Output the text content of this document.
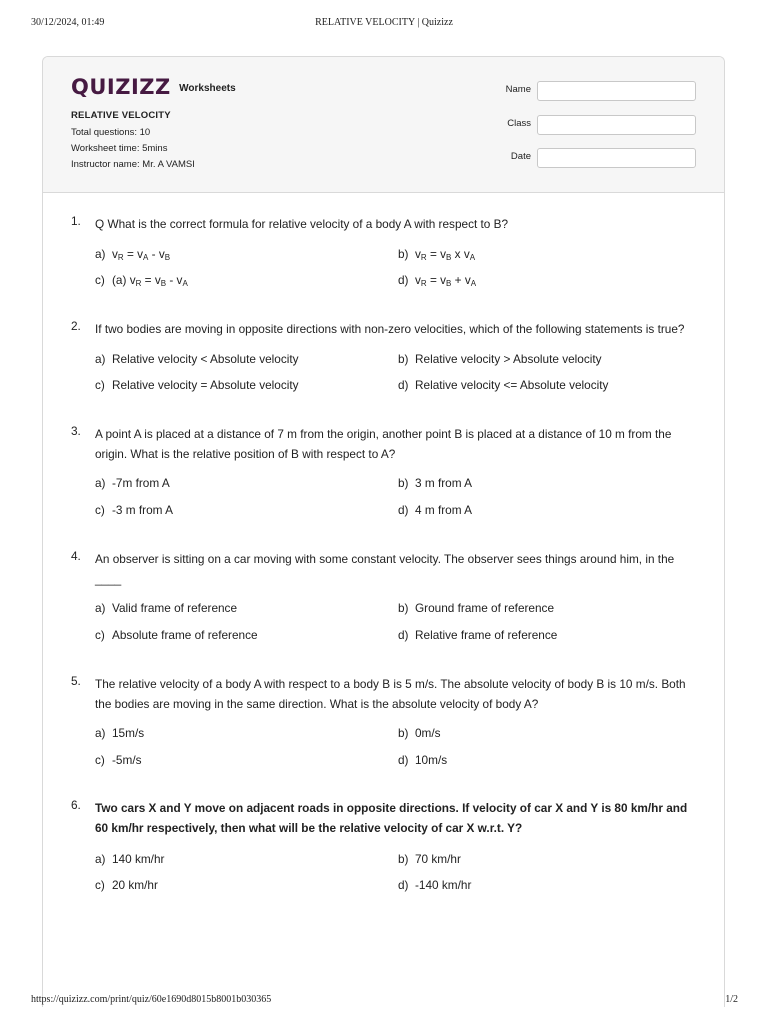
30/12/2024, 01:49	RELATIVE VELOCITY | Quizizz
QUIZIZZ Worksheets
RELATIVE VELOCITY
Total questions: 10
Worksheet time: 5mins
Instructor name: Mr. A VAMSI
Name
Class
Date
1. Q What is the correct formula for relative velocity of a body A with respect to B?
a) $v_R = v_A - v_B$	b) $v_R = v_B$ x $v_A$
c) (a) $v_R = v_B - v_A$	d) $v_R = v_B + v_A$
2. If two bodies are moving in opposite directions with non-zero velocities, which of the following statements is true?
a) Relative velocity < Absolute velocity	b) Relative velocity > Absolute velocity
c) Relative velocity = Absolute velocity	d) Relative velocity <= Absolute velocity
3. A point A is placed at a distance of 7 m from the origin, another point B is placed at a distance of 10 m from the origin. What is the relative position of B with respect to A?
a) -7m from A	b) 3 m from A
c) -3 m from A	d) 4 m from A
4. An observer is sitting on a car moving with some constant velocity. The observer sees things around him, in the ____
a) Valid frame of reference	b) Ground frame of reference
c) Absolute frame of reference	d) Relative frame of reference
5. The relative velocity of a body A with respect to a body B is 5 m/s. The absolute velocity of body B is 10 m/s. Both the bodies are moving in the same direction. What is the absolute velocity of body A?
a) 15m/s	b) 0m/s
c) -5m/s	d) 10m/s
6. Two cars X and Y move on adjacent roads in opposite directions. If velocity of car X and Y is 80 km/hr and 60 km/hr respectively, then what will be the relative velocity of car X w.r.t. Y?
a) 140 km/hr	b) 70 km/hr
c) 20 km/hr	d) -140 km/hr
https://quizizz.com/print/quiz/60e1690d8015b8001b030365	1/2
